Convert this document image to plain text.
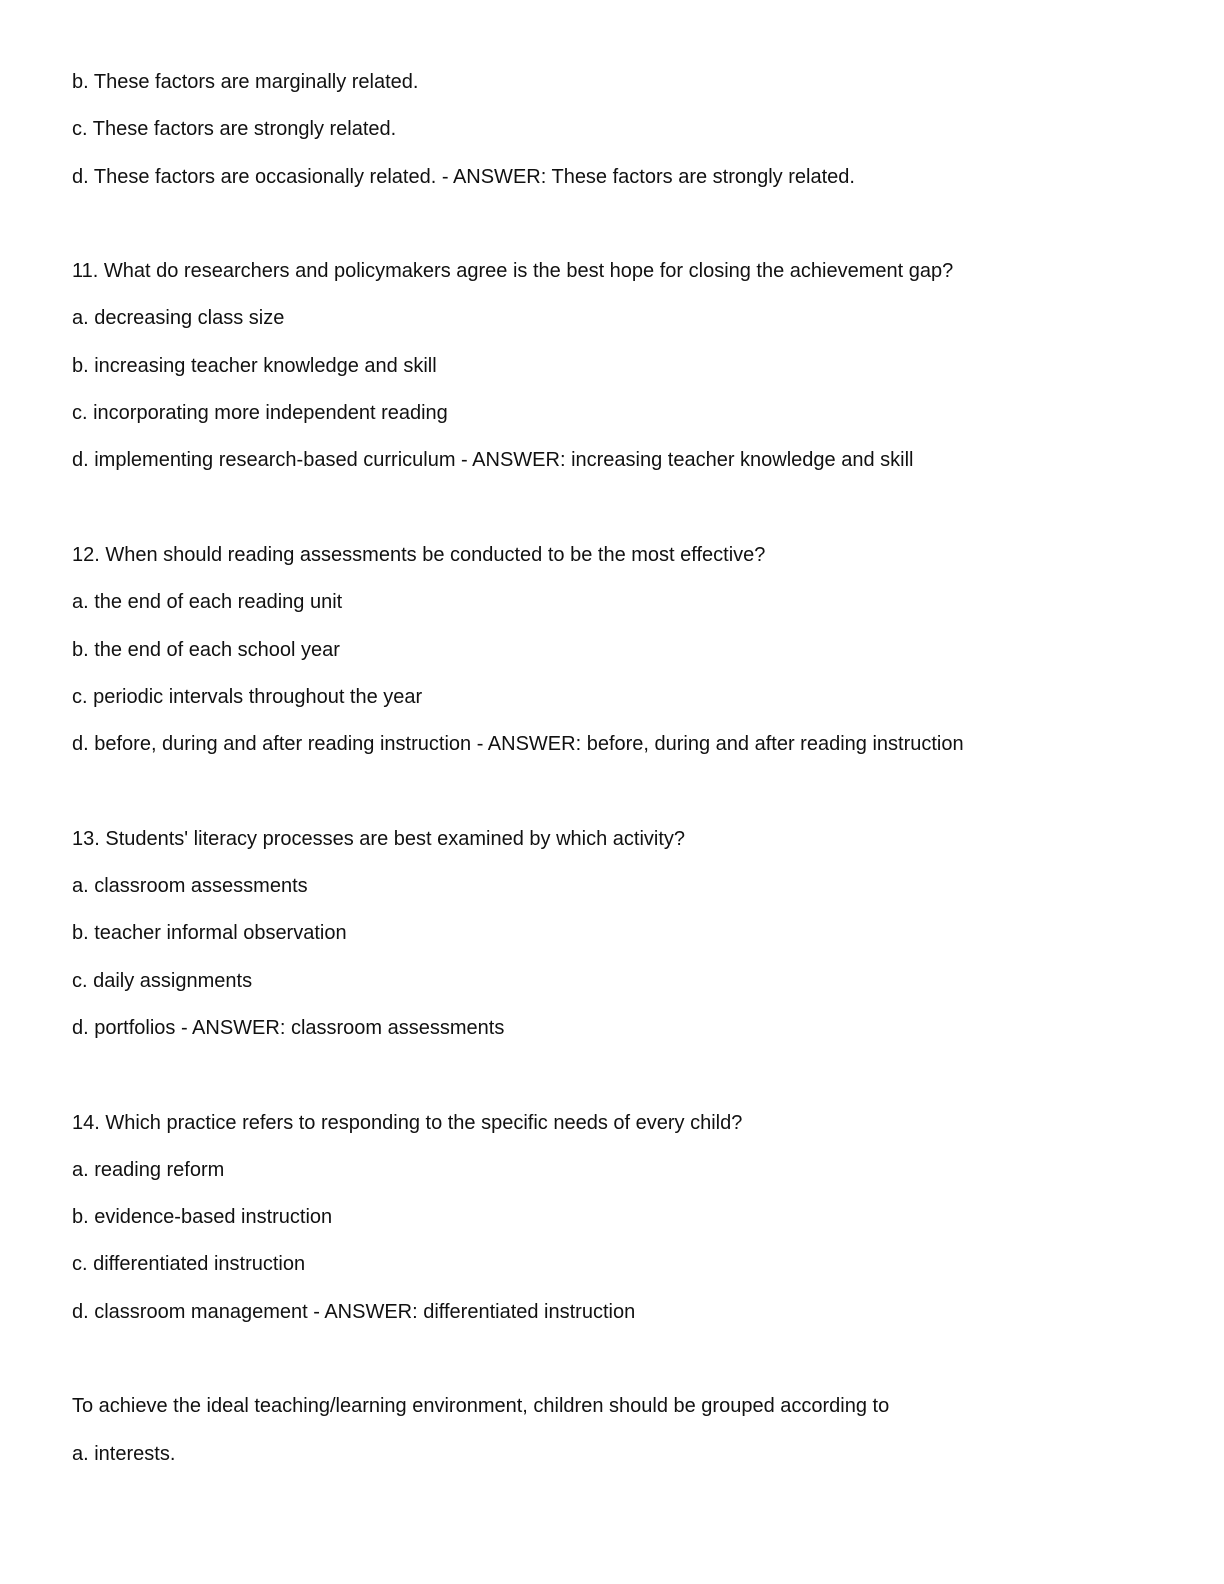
b. These factors are marginally related.
c. These factors are strongly related.
d. These factors are occasionally related. - ANSWER: These factors are strongly related.
11. What do researchers and policymakers agree is the best hope for closing the achievement gap?
a. decreasing class size
b. increasing teacher knowledge and skill
c. incorporating more independent reading
d. implementing research-based curriculum - ANSWER: increasing teacher knowledge and skill
12. When should reading assessments be conducted to be the most effective?
a. the end of each reading unit
b. the end of each school year
c. periodic intervals throughout the year
d. before, during and after reading instruction - ANSWER: before, during and after reading instruction
13. Students' literacy processes are best examined by which activity?
a. classroom assessments
b. teacher informal observation
c. daily assignments
d. portfolios - ANSWER: classroom assessments
14. Which practice refers to responding to the specific needs of every child?
a. reading reform
b. evidence-based instruction
c. differentiated instruction
d. classroom management - ANSWER: differentiated instruction
To achieve the ideal teaching/learning environment, children should be grouped according to
a. interests.
